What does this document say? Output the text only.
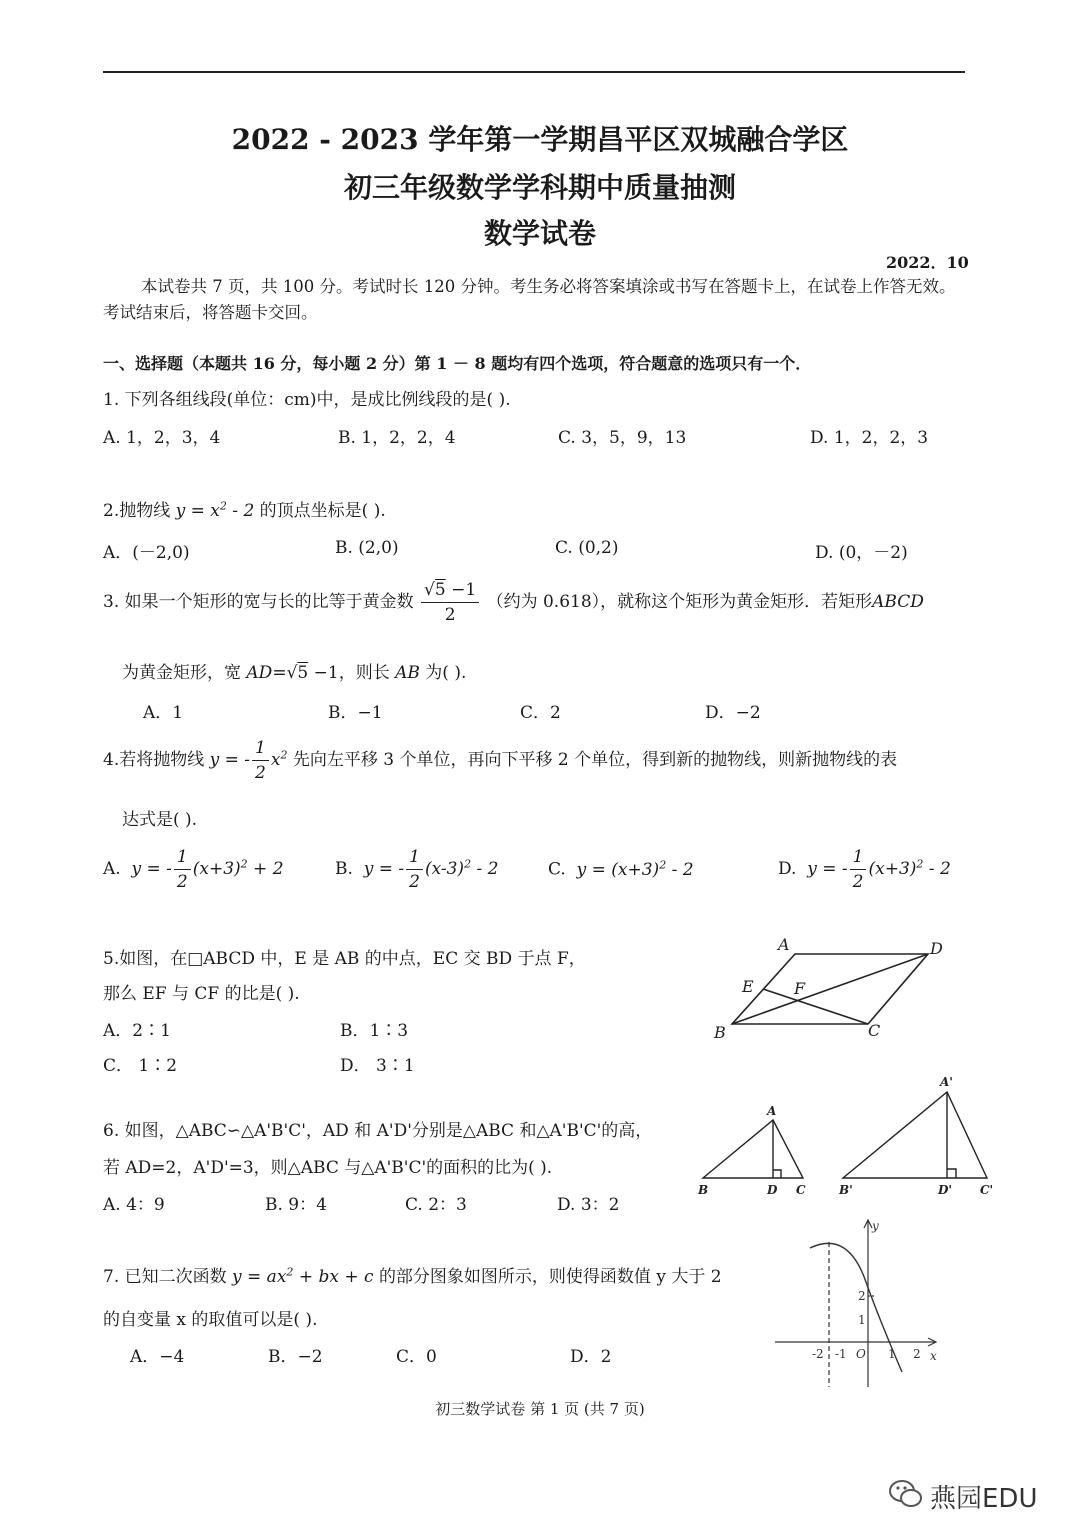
2022 - 2023 学年第一学期昌平区双城融合学区
初三年级数学学科期中质量抽测
数学试卷
2022．10
本试卷共 7 页，共 100 分。考试时长 120 分钟。考生务必将答案填涂或书写在答题卡上，在试卷上作答无效。考试结束后，将答题卡交回。
一、选择题（本题共 16 分，每小题 2 分）第 1 － 8 题均有四个选项，符合题意的选项只有一个．
1. 下列各组线段(单位：cm)中，是成比例线段的是( ).
A. 1，2，3，4	B. 1，2，2，4	C. 3，5，9，13	D. 1，2，2，3
2.抛物线 $y = x^2 - 2$ 的顶点坐标是( ).
A．(－2,0)	B. (2,0)	C. (0,2)	D. (0，－2)
3. 如果一个矩形的宽与长的比等于黄金数 $\frac{√5 -1}{2}$ （约为 0.618），就称这个矩形为黄金矩形．若矩形ABCD
为黄金矩形，宽 AD=√5 −1，则长 AB 为( ).
A．1	B．−1	C．2	D．−2
4.若将抛物线 y = - $\frac{1}{2} x^2$ 先向左平移 3 个单位，再向下平移 2 个单位，得到新的抛物线，则新抛物线的表
达式是( ).
A. y = - $\frac{1}{2} (x+3)^2 + 2$	B. y = - $\frac{1}{2} (x-3)^2 - 2$	C. $y = (x+3)^2 - 2$	D. y = - $\frac{1}{2} (x+3)^2 - 2$
5.如图，在□ABCD 中，E 是 AB 的中点，EC 交 BD 于点 F，
那么 EF 与 CF 的比是( ).
A．2∶1	B．1∶3
C． 1∶2	D． 3∶1
A	D
E	F
B	C
6. 如图，△ABC∽△A'B'C'，AD 和 A'D'分别是△ABC 和△A'B'C'的高，
若 AD=2，A'D'=3，则△ABC 与△A'B'C'的面积的比为( ).
A. 4：9	B. 9：4	C. 2：3	D. 3：2
A
B	D C
A'
B'	D' C'
7. 已知二次函数 $y = ax^2$ + bx + c 的部分图象如图所示，则使得函数值 y 大于 2
的自变量 x 的取值可以是( ).
A．−4	B．−2	C．0	D．2
y
2
1
-2 -1 O 1 2 x
初三数学试卷 第 1 页 (共 7 页)
燕园EDU
